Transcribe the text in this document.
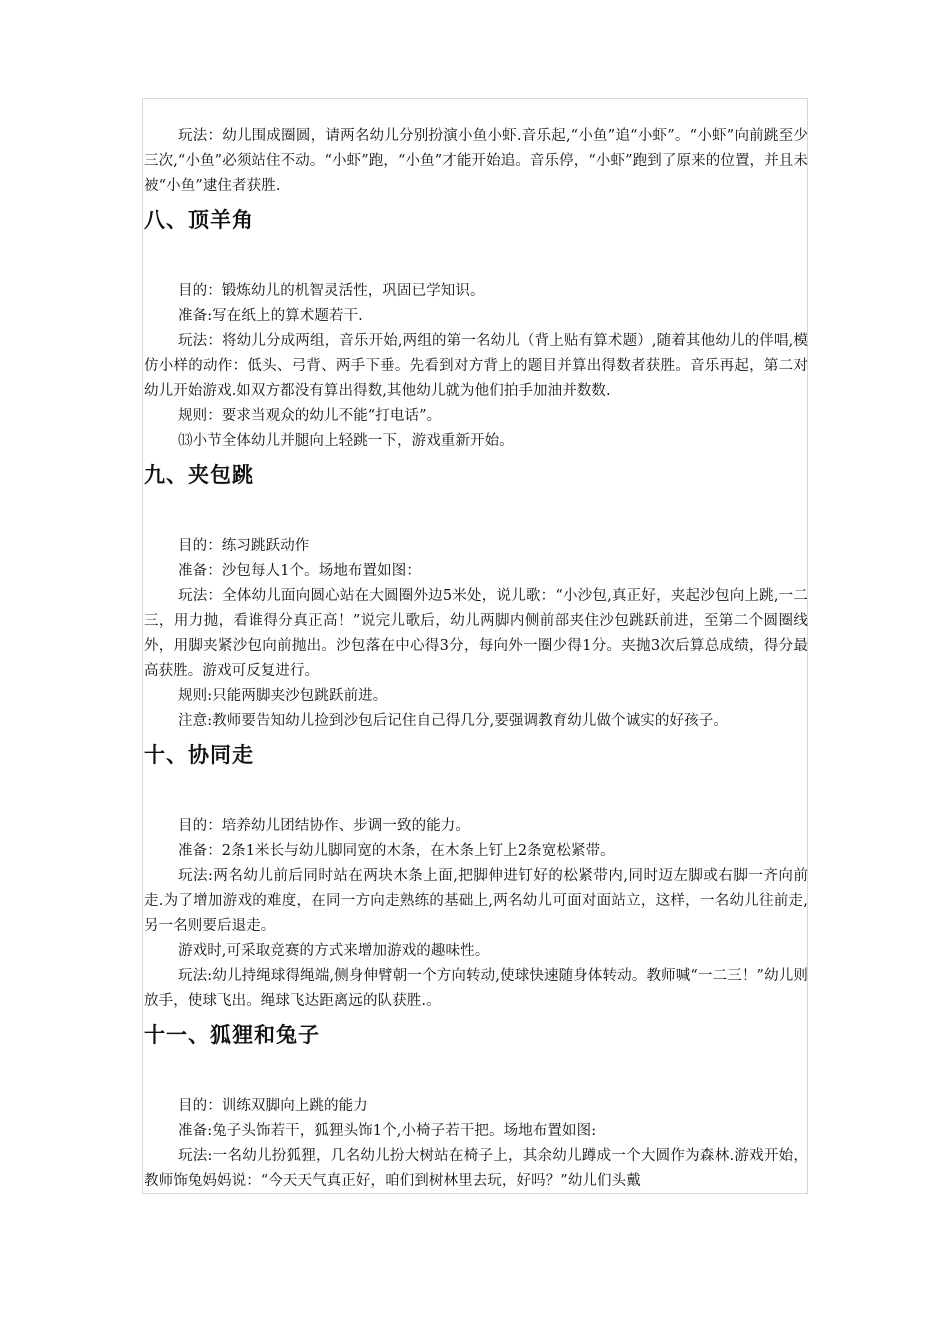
玩法：幼儿围成圈圆，请两名幼儿分别扮演小鱼小虾.音乐起,“小鱼”追“小虾”。“小虾”向前跳至少三次,“小鱼”必须站住不动。“小虾”跑，“小鱼”才能开始追。音乐停，“小虾”跑到了原来的位置，并且未被“小鱼”逮住者获胜.

八、顶羊角

目的：锻炼幼儿的机智灵活性，巩固已学知识。

准备:写在纸上的算术题若干.

玩法：将幼儿分成两组，音乐开始,两组的第一名幼儿（背上贴有算术题）,随着其他幼儿的伴唱,模仿小样的动作：低头、弓背、两手下垂。先看到对方背上的题目并算出得数者获胜。音乐再起，第二对幼儿开始游戏.如双方都没有算出得数,其他幼儿就为他们拍手加油并数数.

规则：要求当观众的幼儿不能“打电话”。

⒀小节全体幼儿并腿向上轻跳一下，游戏重新开始。

九、夹包跳

目的：练习跳跃动作

准备：沙包每人1个。场地布置如图：

玩法：全体幼儿面向圆心站在大圆圈外边5米处，说儿歌：“小沙包,真正好，夹起沙包向上跳,一二三，用力抛，看谁得分真正高！”说完儿歌后，幼儿两脚内侧前部夹住沙包跳跃前进，至第二个圆圈线外，用脚夹紧沙包向前抛出。沙包落在中心得3分，每向外一圈少得1分。夹抛3次后算总成绩，得分最高获胜。游戏可反复进行。

规则:只能两脚夹沙包跳跃前进。

注意:教师要告知幼儿捡到沙包后记住自己得几分,要强调教育幼儿做个诚实的好孩子。

十、协同走

目的：培养幼儿团结协作、步调一致的能力。

准备：2条1米长与幼儿脚同宽的木条，在木条上钉上2条宽松紧带。

玩法:两名幼儿前后同时站在两块木条上面,把脚伸进钉好的松紧带内,同时迈左脚或右脚一齐向前走.为了增加游戏的难度，在同一方向走熟练的基础上,两名幼儿可面对面站立，这样，一名幼儿往前走,另一名则要后退走。

游戏时,可采取竞赛的方式来增加游戏的趣味性。

玩法:幼儿持绳球得绳端,侧身伸臂朝一个方向转动,使球快速随身体转动。教师喊“一二三！”幼儿则放手，使球飞出。绳球飞达距离远的队获胜.。

十一、狐狸和兔子

目的：训练双脚向上跳的能力

准备:兔子头饰若干，狐狸头饰1个,小椅子若干把。场地布置如图:

玩法:一名幼儿扮狐狸，几名幼儿扮大树站在椅子上，其余幼儿蹲成一个大圆作为森林.游戏开始，教师饰兔妈妈说：“今天天气真正好，咱们到树林里去玩，好吗？”幼儿们头戴
